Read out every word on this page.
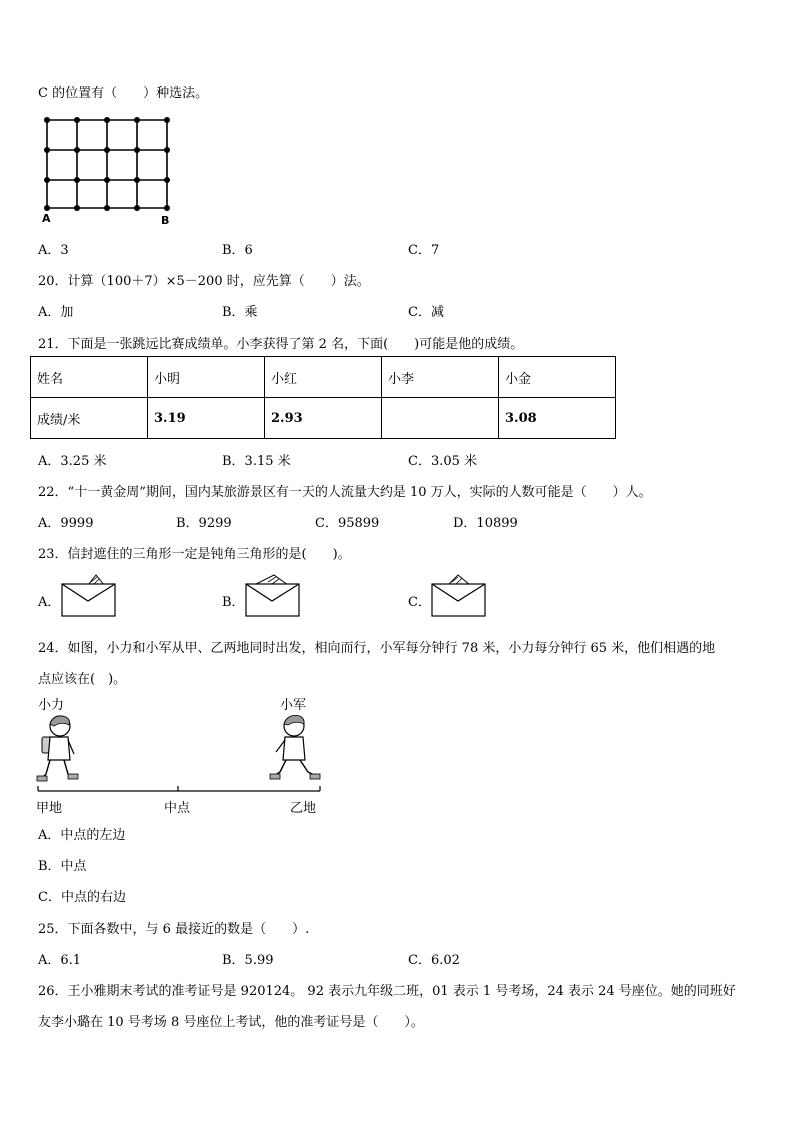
C 的位置有（　　）种选法。
A	B
A．3	B．6	C．7
20．计算（100＋7）×5－200 时，应先算（　　）法。
A．加	B．乘	C．减
21．下面是一张跳远比赛成绩单。小李获得了第 2 名，下面(　　)可能是他的成绩。
姓名	小明	小红	小李	小金
成绩/米	3.19	2.93		3.08
A．3.25 米	B．3.15 米	C．3.05 米
22．“十一黄金周”期间，国内某旅游景区有一天的人流量大约是 10 万人，实际的人数可能是（　　）人。
A．9999	B．9299	C．95899	D．10899
23．信封遮住的三角形一定是钝角三角形的是(　　)。
A．	B．	C．
24．如图，小力和小军从甲、乙两地同时出发，相向而行，小军每分钟行 78 米，小力每分钟行 65 米，他们相遇的地
点应该在(　)。
小力	小军
甲地	中点	乙地
A．中点的左边
B．中点
C．中点的右边
25．下面各数中，与 6 最接近的数是（　　）.
A．6.1	B．5.99	C．6.02
26．王小雅期末考试的准考证号是 920124。 92 表示九年级二班，01 表示 1 号考场，24 表示 24 号座位。她的同班好
友李小璐在 10 号考场 8 号座位上考试，他的准考证号是（　　）。
